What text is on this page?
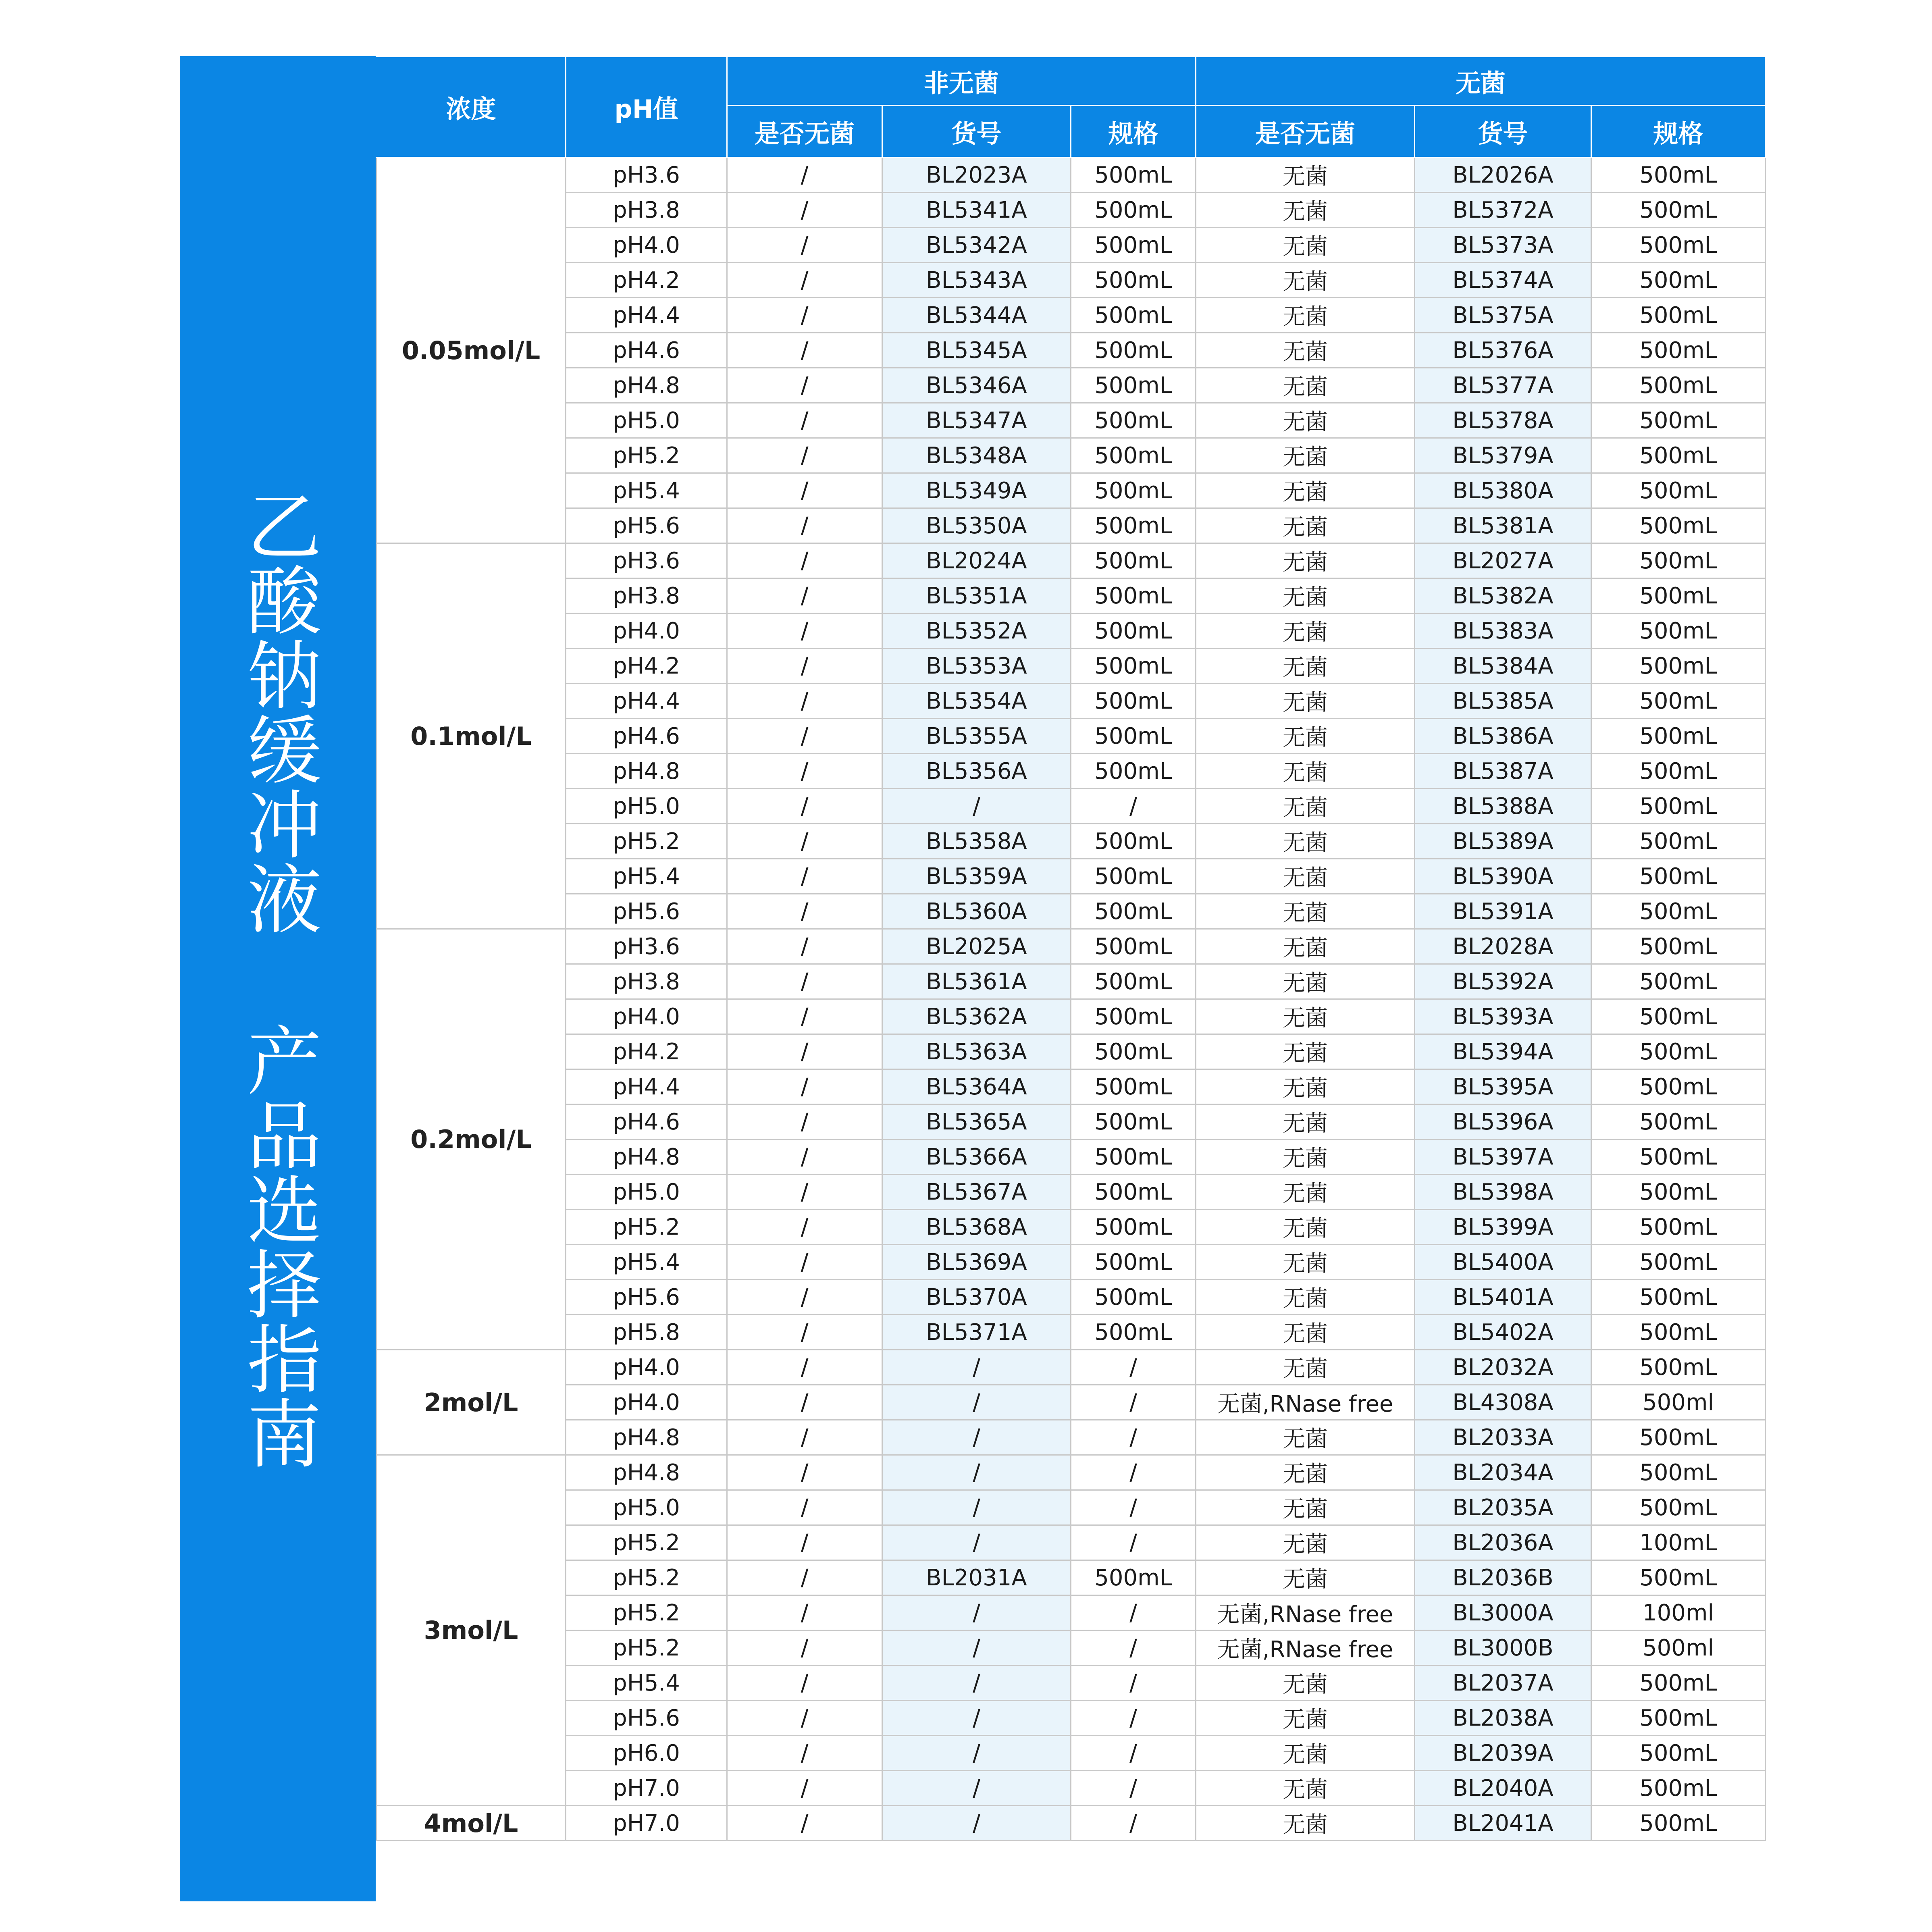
乙酸钠缓冲液 产品选择指南
浓度	pH值	非无菌			无菌		
		是否无菌	货号	规格	是否无菌	货号	规格
0.05mol/L	pH3.6	/	BL2023A	500mL	无菌	BL2026A	500mL
	pH3.8	/	BL5341A	500mL	无菌	BL5372A	500mL
	pH4.0	/	BL5342A	500mL	无菌	BL5373A	500mL
	pH4.2	/	BL5343A	500mL	无菌	BL5374A	500mL
	pH4.4	/	BL5344A	500mL	无菌	BL5375A	500mL
	pH4.6	/	BL5345A	500mL	无菌	BL5376A	500mL
	pH4.8	/	BL5346A	500mL	无菌	BL5377A	500mL
	pH5.0	/	BL5347A	500mL	无菌	BL5378A	500mL
	pH5.2	/	BL5348A	500mL	无菌	BL5379A	500mL
	pH5.4	/	BL5349A	500mL	无菌	BL5380A	500mL
	pH5.6	/	BL5350A	500mL	无菌	BL5381A	500mL
0.1mol/L	pH3.6	/	BL2024A	500mL	无菌	BL2027A	500mL
	pH3.8	/	BL5351A	500mL	无菌	BL5382A	500mL
	pH4.0	/	BL5352A	500mL	无菌	BL5383A	500mL
	pH4.2	/	BL5353A	500mL	无菌	BL5384A	500mL
	pH4.4	/	BL5354A	500mL	无菌	BL5385A	500mL
	pH4.6	/	BL5355A	500mL	无菌	BL5386A	500mL
	pH4.8	/	BL5356A	500mL	无菌	BL5387A	500mL
	pH5.0	/	/	/	无菌	BL5388A	500mL
	pH5.2	/	BL5358A	500mL	无菌	BL5389A	500mL
	pH5.4	/	BL5359A	500mL	无菌	BL5390A	500mL
	pH5.6	/	BL5360A	500mL	无菌	BL5391A	500mL
0.2mol/L	pH3.6	/	BL2025A	500mL	无菌	BL2028A	500mL
	pH3.8	/	BL5361A	500mL	无菌	BL5392A	500mL
	pH4.0	/	BL5362A	500mL	无菌	BL5393A	500mL
	pH4.2	/	BL5363A	500mL	无菌	BL5394A	500mL
	pH4.4	/	BL5364A	500mL	无菌	BL5395A	500mL
	pH4.6	/	BL5365A	500mL	无菌	BL5396A	500mL
	pH4.8	/	BL5366A	500mL	无菌	BL5397A	500mL
	pH5.0	/	BL5367A	500mL	无菌	BL5398A	500mL
	pH5.2	/	BL5368A	500mL	无菌	BL5399A	500mL
	pH5.4	/	BL5369A	500mL	无菌	BL5400A	500mL
	pH5.6	/	BL5370A	500mL	无菌	BL5401A	500mL
	pH5.8	/	BL5371A	500mL	无菌	BL5402A	500mL
2mol/L	pH4.0	/	/	/	无菌	BL2032A	500mL
	pH4.0	/	/	/	无菌,RNase free	BL4308A	500ml
	pH4.8	/	/	/	无菌	BL2033A	500mL
3mol/L	pH4.8	/	/	/	无菌	BL2034A	500mL
	pH5.0	/	/	/	无菌	BL2035A	500mL
	pH5.2	/	/	/	无菌	BL2036A	100mL
	pH5.2	/	BL2031A	500mL	无菌	BL2036B	500mL
	pH5.2	/	/	/	无菌,RNase free	BL3000A	100ml
	pH5.2	/	/	/	无菌,RNase free	BL3000B	500ml
	pH5.4	/	/	/	无菌	BL2037A	500mL
	pH5.6	/	/	/	无菌	BL2038A	500mL
	pH6.0	/	/	/	无菌	BL2039A	500mL
	pH7.0	/	/	/	无菌	BL2040A	500mL
4mol/L	pH7.0	/	/	/	无菌	BL2041A	500mL
